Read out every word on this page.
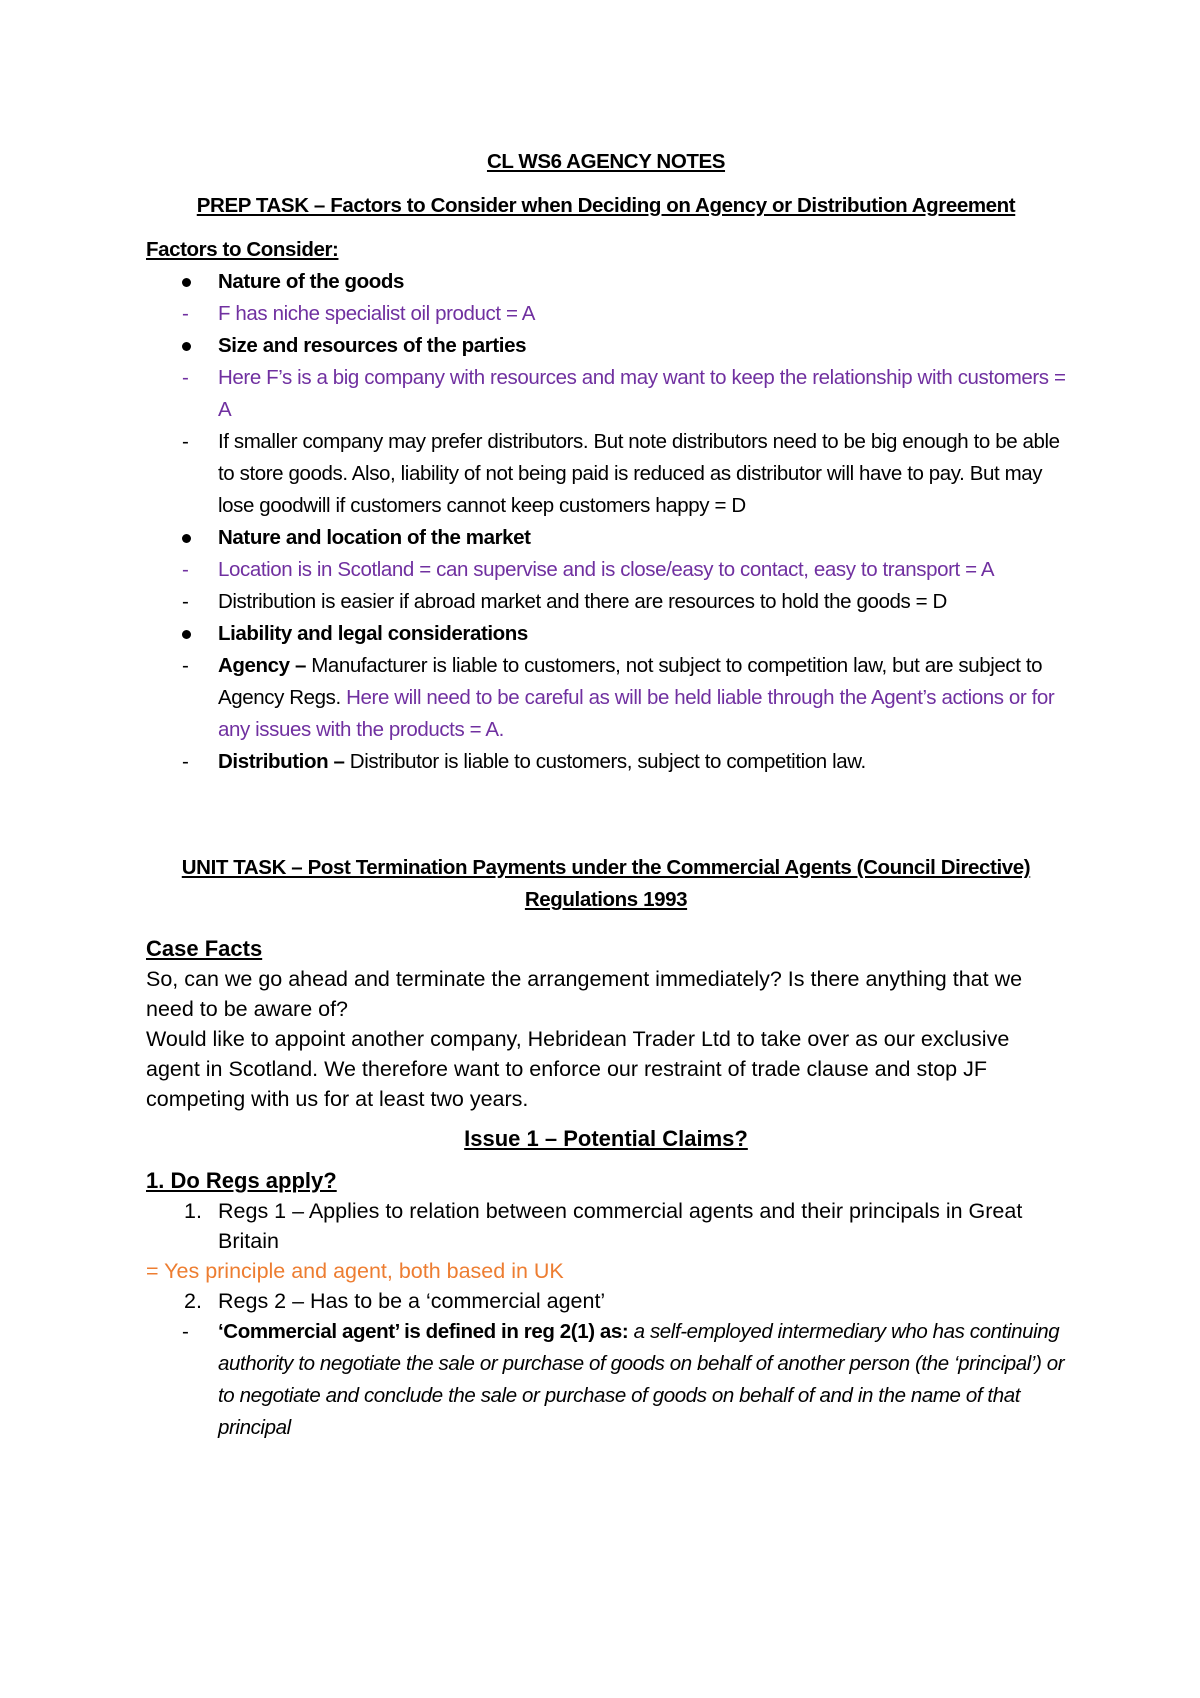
CL WS6 AGENCY NOTES
PREP TASK – Factors to Consider when Deciding on Agency or Distribution Agreement
Factors to Consider:
Nature of the goods
- F has niche specialist oil product = A
Size and resources of the parties
- Here F’s is a big company with resources and may want to keep the relationship with customers = A
- If smaller company may prefer distributors. But note distributors need to be big enough to be able to store goods. Also, liability of not being paid is reduced as distributor will have to pay. But may lose goodwill if customers cannot keep customers happy = D
Nature and location of the market
- Location is in Scotland = can supervise and is close/easy to contact, easy to transport = A
- Distribution is easier if abroad market and there are resources to hold the goods = D
Liability and legal considerations
- Agency – Manufacturer is liable to customers, not subject to competition law, but are subject to Agency Regs. Here will need to be careful as will be held liable through the Agent’s actions or for any issues with the products = A.
- Distribution – Distributor is liable to customers, subject to competition law.
UNIT TASK – Post Termination Payments under the Commercial Agents (Council Directive) Regulations 1993
Case Facts
So, can we go ahead and terminate the arrangement immediately? Is there anything that we need to be aware of?
Would like to appoint another company, Hebridean Trader Ltd to take over as our exclusive agent in Scotland. We therefore want to enforce our restraint of trade clause and stop JF competing with us for at least two years.
Issue 1 – Potential Claims?
1. Do Regs apply?
1. Regs 1 – Applies to relation between commercial agents and their principals in Great Britain
= Yes principle and agent, both based in UK
2. Regs 2 – Has to be a ‘commercial agent’
- ‘Commercial agent’ is defined in reg 2(1) as: a self-employed intermediary who has continuing authority to negotiate the sale or purchase of goods on behalf of another person (the ‘principal’) or to negotiate and conclude the sale or purchase of goods on behalf of and in the name of that principal
